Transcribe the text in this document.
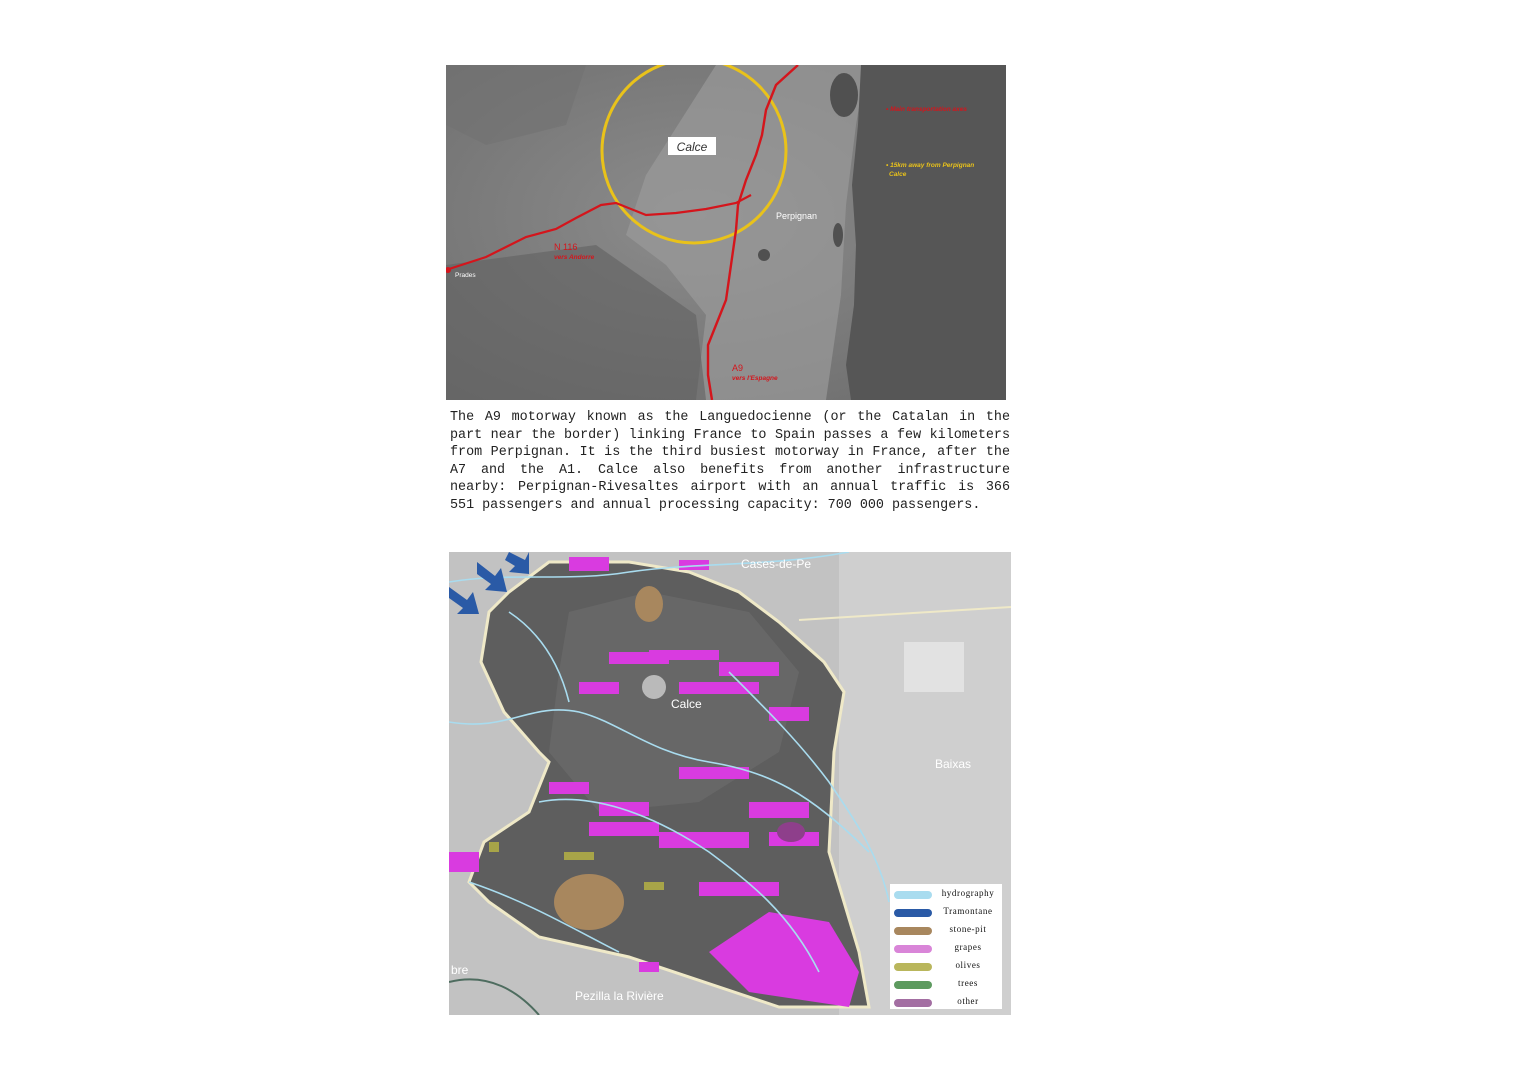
Calce
Perpignan
Prades
N 116
vers Andorre
A9
vers l'Espagne
• Main transportation axes
• 15km away from Perpignan
Calce

The A9 motorway known as the Languedocienne (or the Catalan in the part near the border) linking France to Spain passes a few kilometers from Perpignan. It is the third busiest motorway in France, after the A7 and the A1. Calce also benefits from another infrastructure nearby: Perpignan-Rivesaltes airport with an annual traffic is 366 551 passengers and annual processing capacity: 700 000 passengers.

Calce
Cases-de-Pe
Baixas
Pezilla la Rivière
bre
hydrography
Tramontane
stone-pit
grapes
olives
trees
other
